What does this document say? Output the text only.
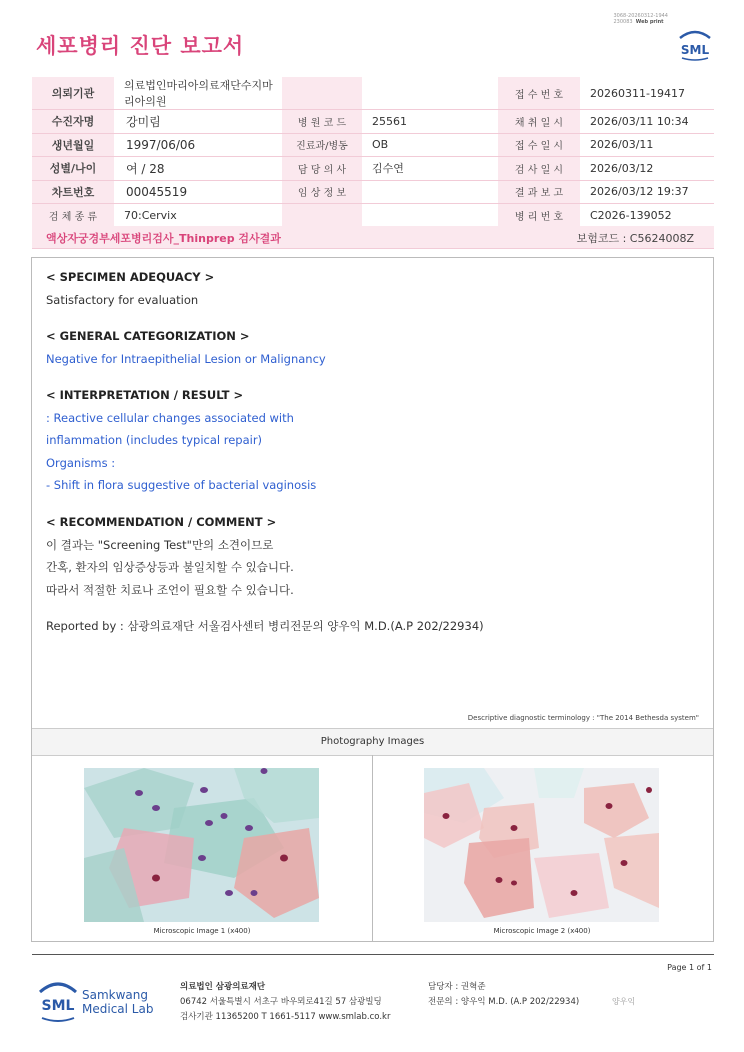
세포병리 진단 보고서
3068-20260312-1944
230083 Web print
SML
의뢰기관	의료법인마리아의료재단수지마리아의원			접 수 번 호	20260311-19417
수진자명	강미림	병 원 코 드	25561	채 취 일 시	2026/03/11 10:34
생년월일	1997/06/06	진료과/병동	OB	접 수 일 시	2026/03/11
성별/나이	여 / 28	담 당 의 사	김수연	검 사 일 시	2026/03/12
차트번호	00045519	임 상 정 보		결 과 보 고	2026/03/12 19:37
검 체 종 류	70:Cervix			병 리 번 호	C2026-139052
액상자궁경부세포병리검사_Thinprep 검사결과	보험코드 : C5624008Z
< SPECIMEN ADEQUACY >
Satisfactory for evaluation
< GENERAL CATEGORIZATION >
Negative for Intraepithelial Lesion or Malignancy
< INTERPRETATION / RESULT >
: Reactive cellular changes associated with
inflammation (includes typical repair)
Organisms :
- Shift in flora suggestive of bacterial vaginosis
< RECOMMENDATION / COMMENT >
이 결과는 "Screening Test"만의 소견이므로
간혹, 환자의 임상증상등과 불일치할 수 있습니다.
따라서 적절한 치료나 조언이 필요할 수 있습니다.
Reported by : 삼광의료재단 서울검사센터 병리전문의 양우익 M.D.(A.P 202/22934)
Descriptive diagnostic terminology : "The 2014 Bethesda system"
Photography Images
Microscopic Image 1 (x400)	Microscopic Image 2 (x400)
Page 1 of 1
SML
Samkwang
Medical Lab
의료법인 삼광의료재단
06742 서울특별시 서초구 바우뫼로41길 57 삼광빌딩
검사기관 11365200 T 1661-5117 www.smlab.co.kr
담당자 : 권혁준
전문의 : 양우익 M.D. (A.P 202/22934)	양우익
